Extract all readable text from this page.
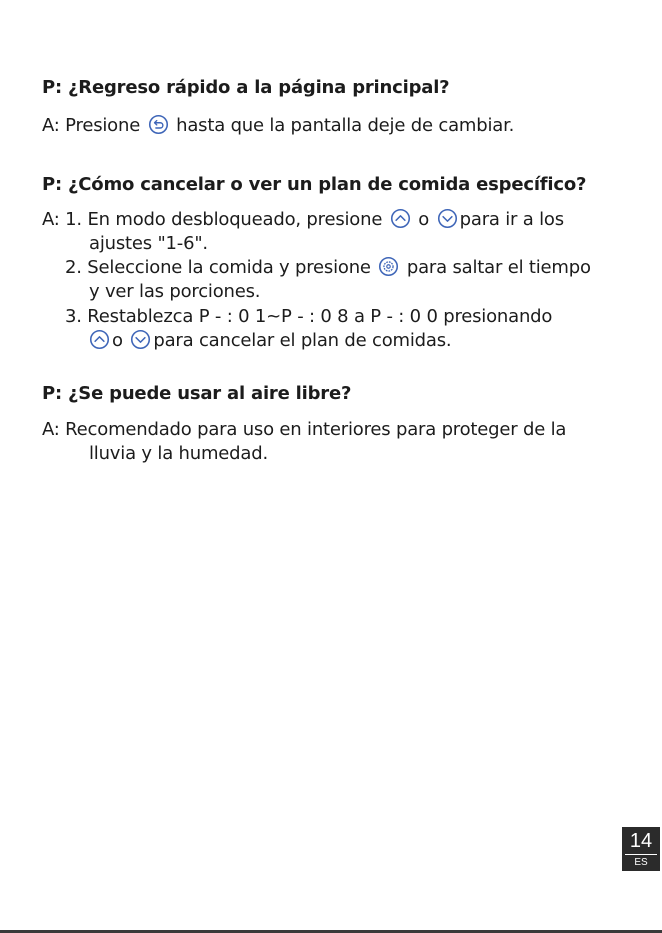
P: ¿Regreso rápido a la página principal?
A: Presione hasta que la pantalla deje de cambiar.
P: ¿Cómo cancelar o ver un plan de comida específico?
A: 1. En modo desbloqueado, presione o para ir a los
ajustes "1-6".
2. Seleccione la comida y presione para saltar el tiempo
y ver las porciones.
3. Restablezca P - : 0 1~P - : 0 8 a P - : 0 0 presionando
o para cancelar el plan de comidas.
P: ¿Se puede usar al aire libre?
A: Recomendado para uso en interiores para proteger de la
lluvia y la humedad.
14
ES
